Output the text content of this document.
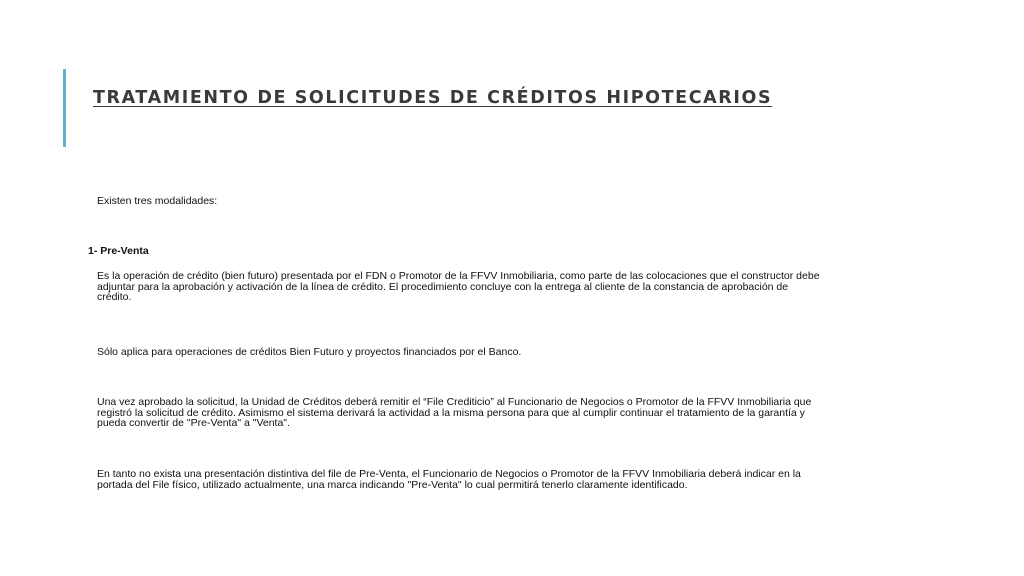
TRATAMIENTO DE SOLICITUDES DE CRÉDITOS HIPOTECARIOS

Existen tres modalidades:

1- Pre-Venta

Es la operación de crédito (bien futuro) presentada por el FDN o Promotor de la FFVV Inmobiliaria, como parte de las colocaciones que el constructor debe
adjuntar para la aprobación y activación de la línea de crédito. El procedimiento concluye con la entrega al cliente de la constancia de aprobación de
crédito.

Sólo aplica para operaciones de créditos Bien Futuro y proyectos financiados por el Banco.

Una vez aprobado la solicitud, la Unidad de Créditos deberá remitir el “File Crediticio” al Funcionario de Negocios o Promotor de la FFVV Inmobiliaria que
registró la solicitud de crédito. Asimismo el sistema derivará la actividad a la misma persona para que al cumplir continuar el tratamiento de la garantía y
pueda convertir de "Pre-Venta" a "Venta".

En tanto no exista una presentación distintiva del file de Pre-Venta, el Funcionario de Negocios o Promotor de la FFVV Inmobiliaria deberá indicar en la
portada del File físico, utilizado actualmente, una marca indicando "Pre-Venta" lo cual permitirá tenerlo claramente identificado.
